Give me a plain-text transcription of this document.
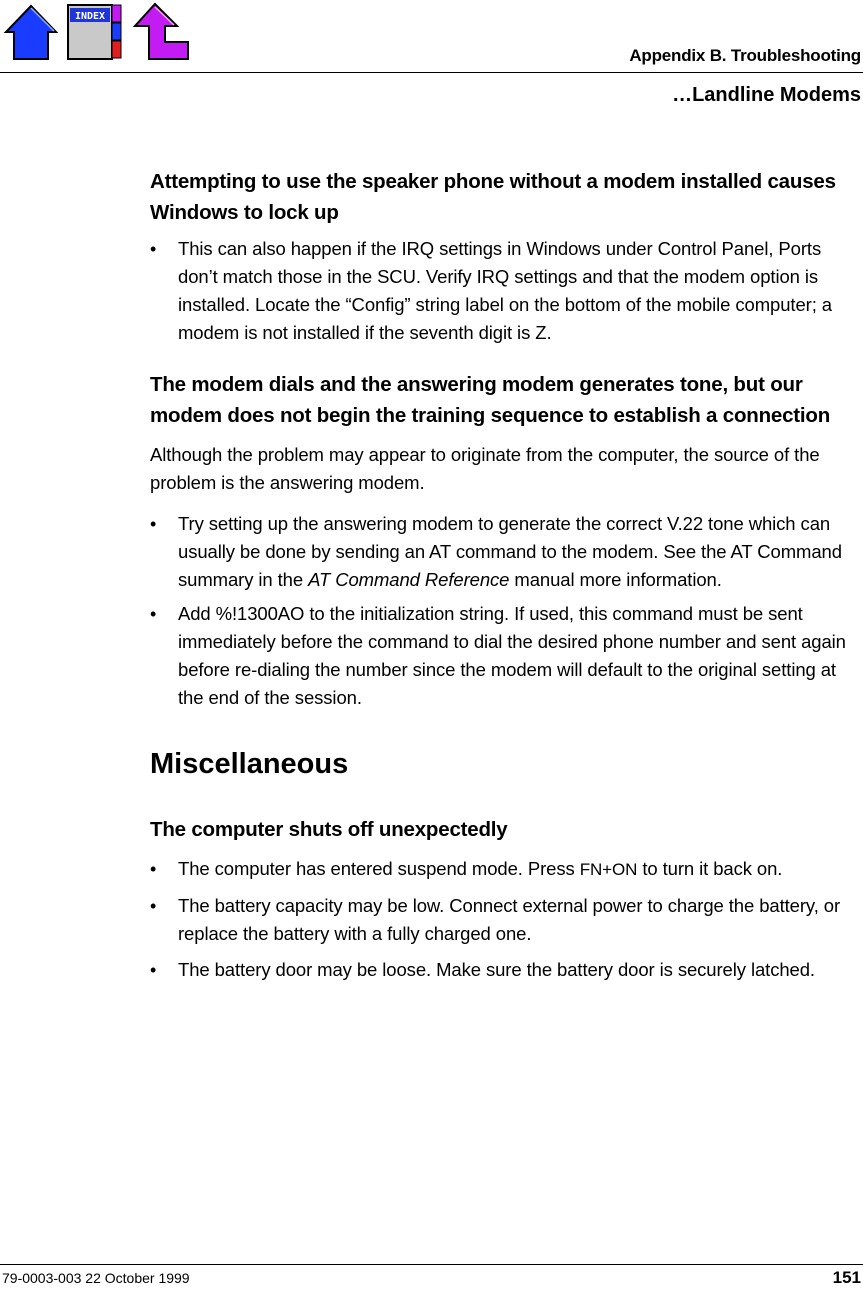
INDEX
Appendix B. Troubleshooting
…Landline Modems
Attempting to use the speaker phone without a modem installed causes Windows to lock up
• This can also happen if the IRQ settings in Windows under Control Panel, Ports don’t match those in the SCU. Verify IRQ settings and that the modem option is installed. Locate the “Config” string label on the bottom of the mobile computer; a modem is not installed if the seventh digit is Z.
The modem dials and the answering modem generates tone, but our modem does not begin the training sequence to establish a connection

Although the problem may appear to originate from the computer, the source of the problem is the answering modem.

• Try setting up the answering modem to generate the correct V.22 tone which can usually be done by sending an AT command to the modem. See the AT Command summary in the AT Command Reference manual more information.
• Add %!1300AO to the initialization string. If used, this command must be sent immediately before the command to dial the desired phone number and sent again before re-dialing the number since the modem will default to the original setting at the end of the session.
Miscellaneous
The computer shuts off unexpectedly
• The computer has entered suspend mode. Press FN+ON to turn it back on.
• The battery capacity may be low. Connect external power to charge the battery, or replace the battery with a fully charged one.
• The battery door may be loose. Make sure the battery door is securely latched.
79-0003-003 22 October 1999	151
